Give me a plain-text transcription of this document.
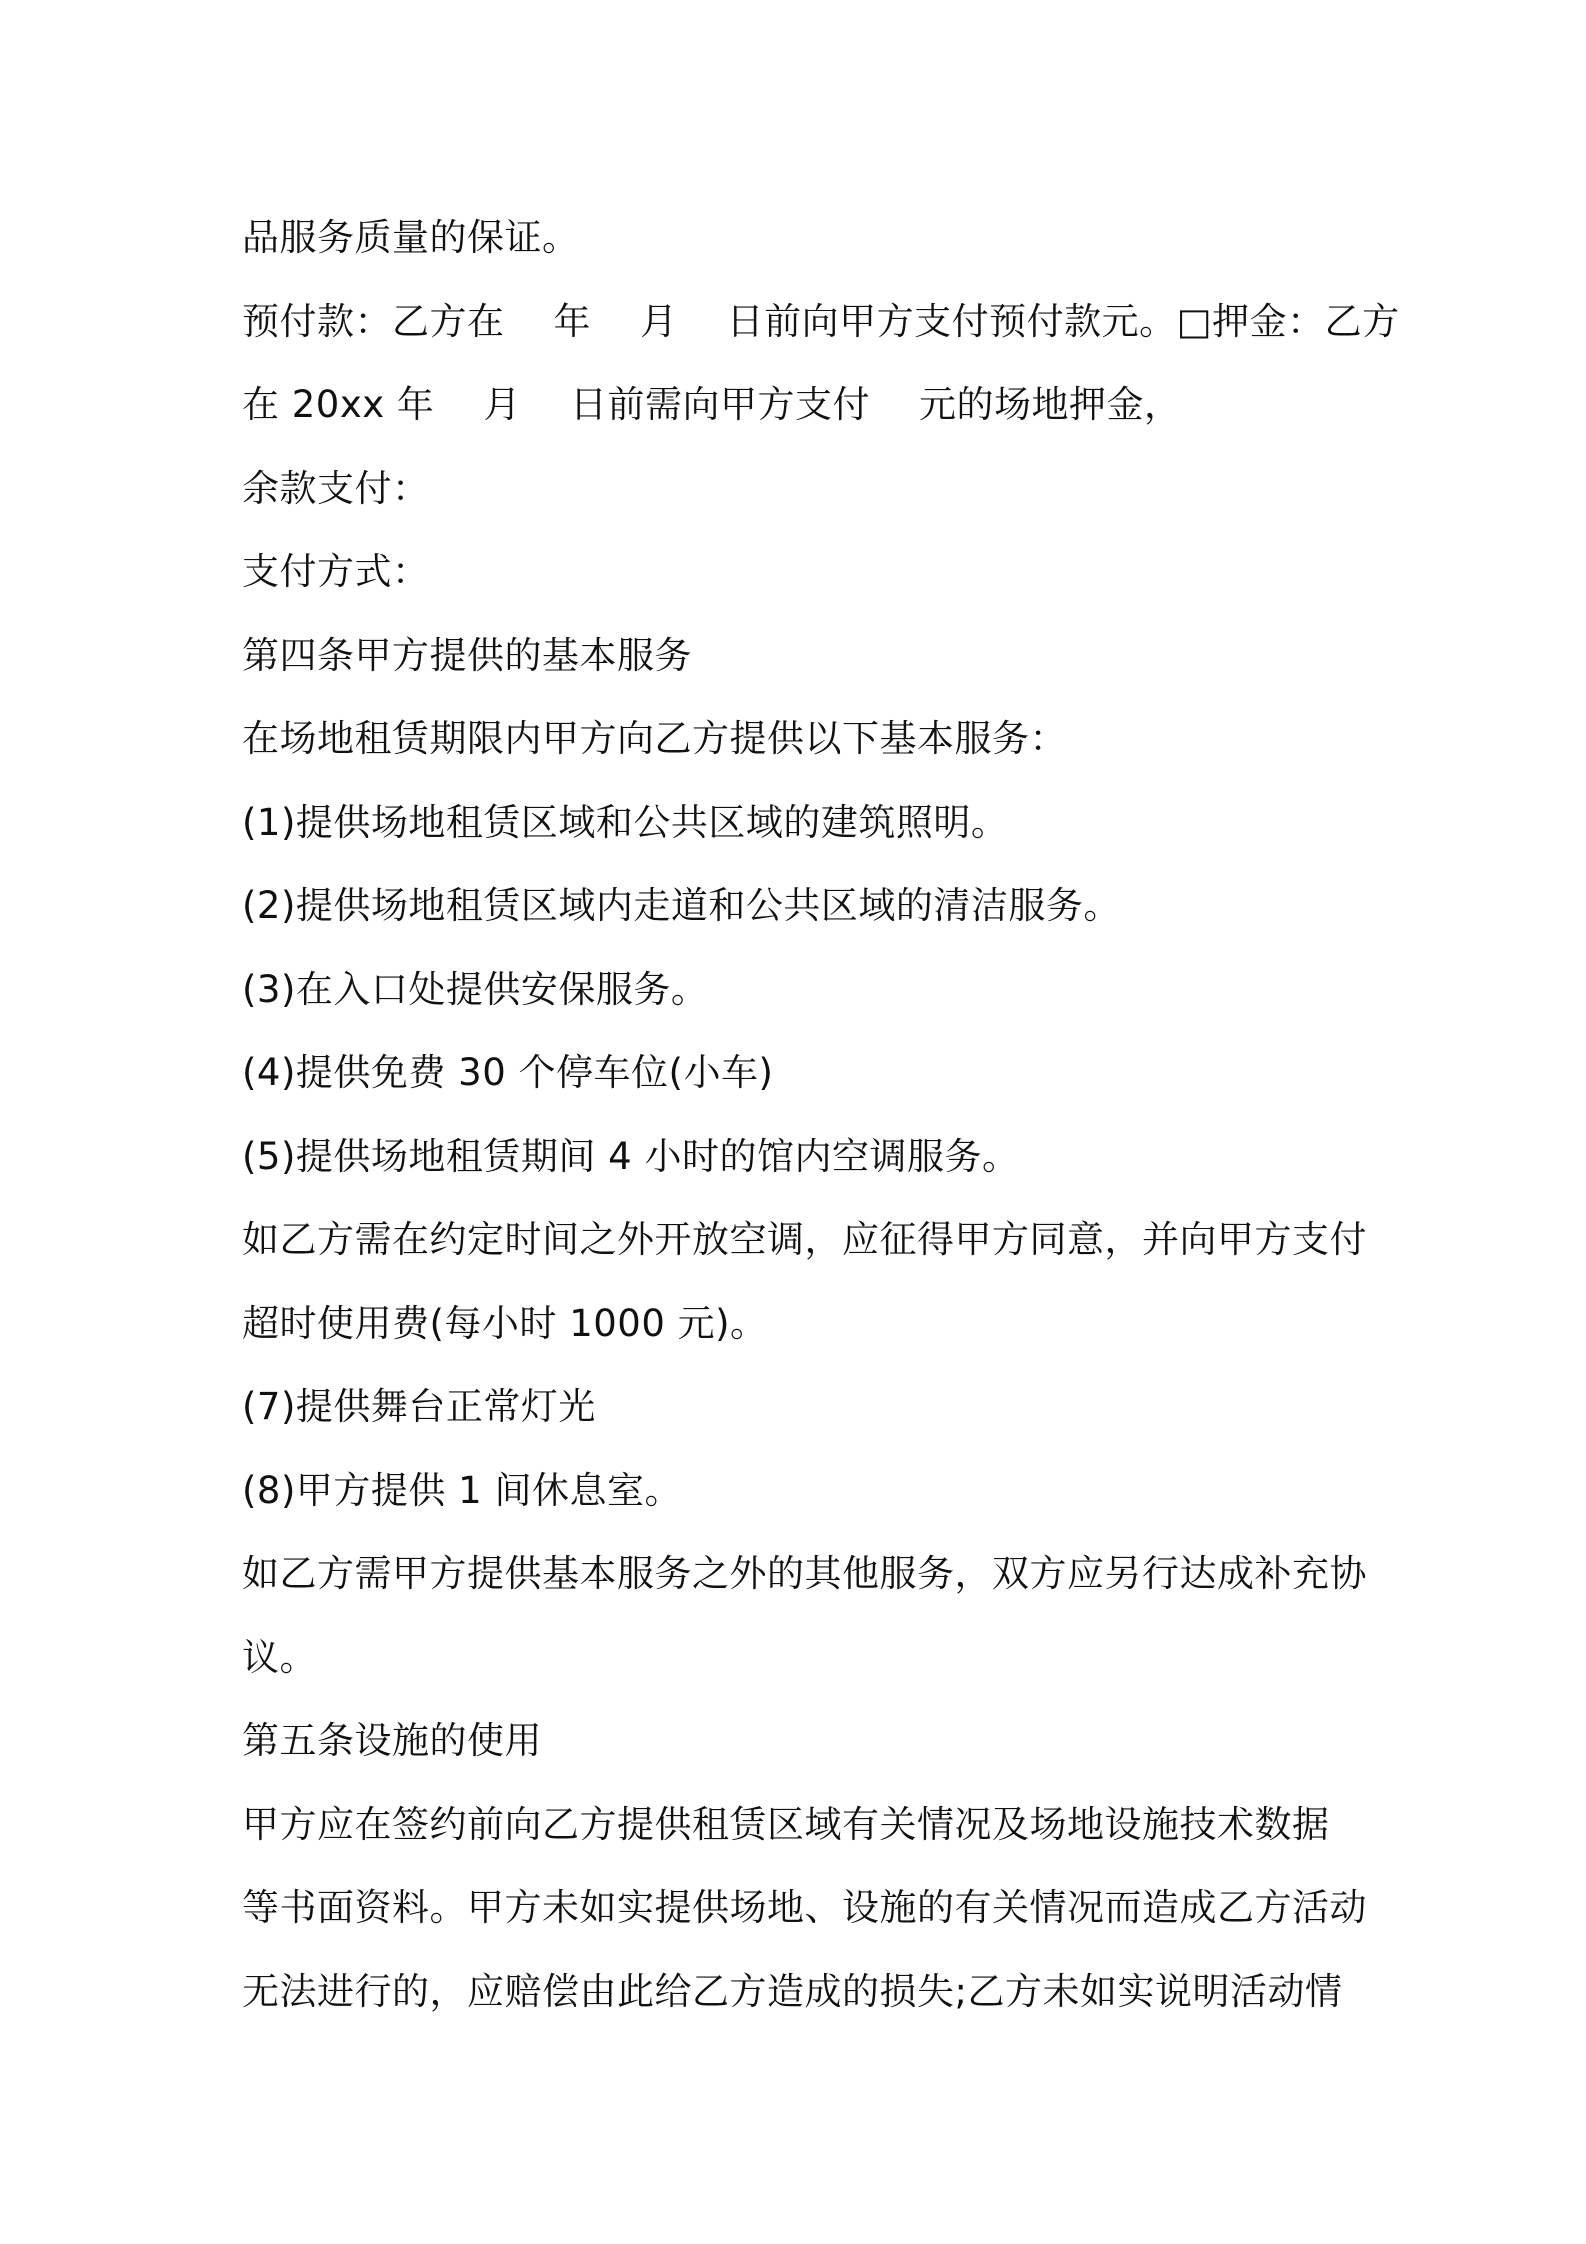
品服务质量的保证。
预付款：乙方在    年    月    日前向甲方支付预付款元。□押金：乙方
在 20xx 年    月    日前需向甲方支付    元的场地押金，
余款支付：
支付方式：
第四条甲方提供的基本服务
在场地租赁期限内甲方向乙方提供以下基本服务：
(1)提供场地租赁区域和公共区域的建筑照明。
(2)提供场地租赁区域内走道和公共区域的清洁服务。
(3)在入口处提供安保服务。
(4)提供免费 30 个停车位(小车)
(5)提供场地租赁期间 4 小时的馆内空调服务。
如乙方需在约定时间之外开放空调，应征得甲方同意，并向甲方支付
超时使用费(每小时 1000 元)。
(7)提供舞台正常灯光
(8)甲方提供 1 间休息室。
如乙方需甲方提供基本服务之外的其他服务，双方应另行达成补充协
议。
第五条设施的使用
甲方应在签约前向乙方提供租赁区域有关情况及场地设施技术数据
等书面资料。甲方未如实提供场地、设施的有关情况而造成乙方活动
无法进行的，应赔偿由此给乙方造成的损失;乙方未如实说明活动情
